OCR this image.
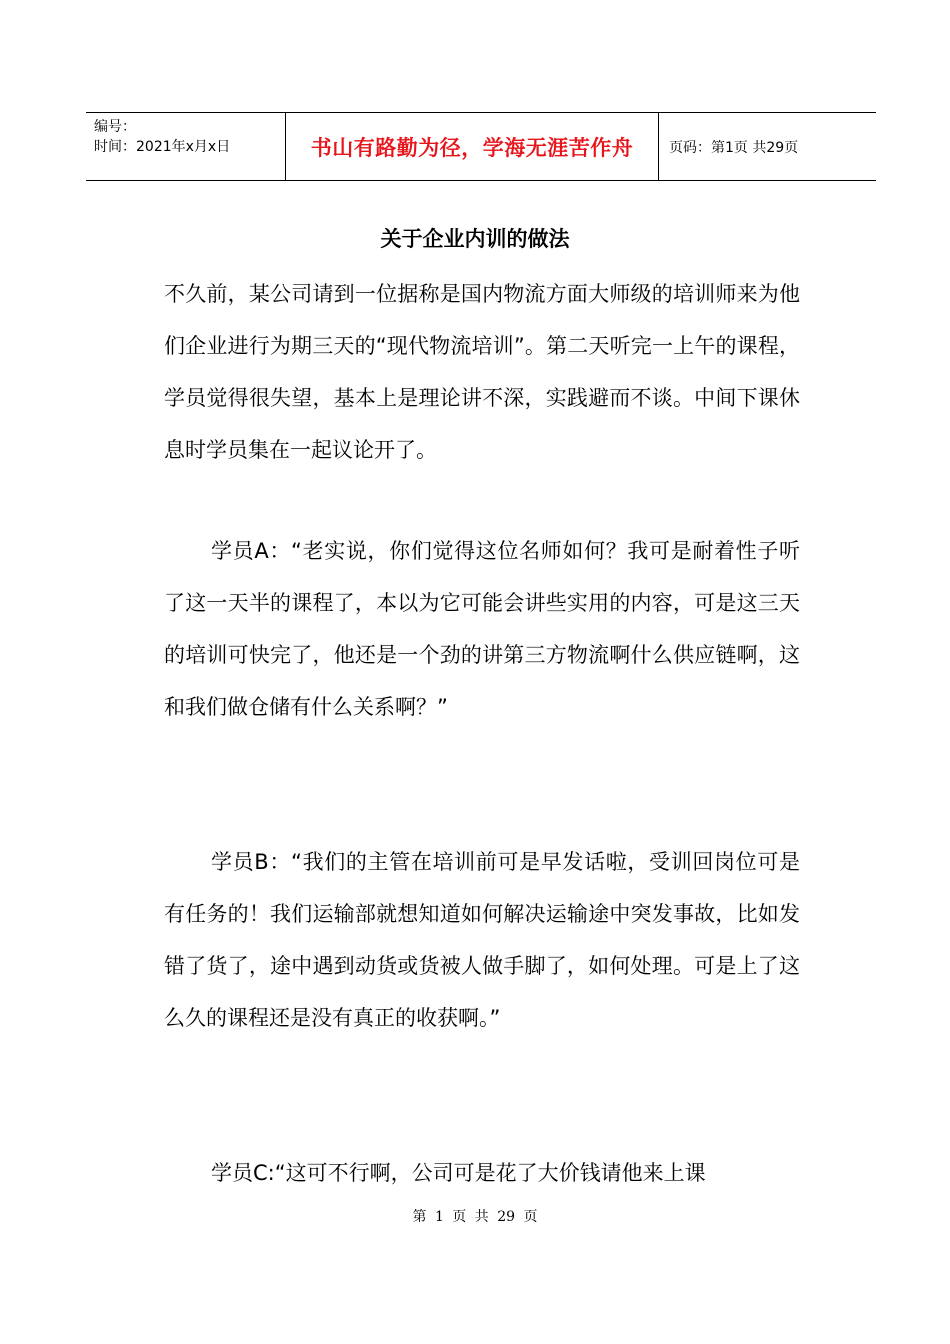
编号：
时间：2021年x月x日	书山有路勤为径，学海无涯苦作舟	页码：第1页 共29页
关于企业内训的做法

不久前，某公司请到一位据称是国内物流方面大师级的培训师来为他们企业进行为期三天的“现代物流培训”。第二天听完一上午的课程，学员觉得很失望，基本上是理论讲不深，实践避而不谈。中间下课休息时学员集在一起议论开了。

学员A：“老实说，你们觉得这位名师如何？我可是耐着性子听了这一天半的课程了，本以为它可能会讲些实用的内容，可是这三天的培训可快完了，他还是一个劲的讲第三方物流啊什么供应链啊，这和我们做仓储有什么关系啊？”

学员B：“我们的主管在培训前可是早发话啦，受训回岗位可是有任务的！我们运输部就想知道如何解决运输途中突发事故，比如发错了货了，途中遇到动货或货被人做手脚了，如何处理。可是上了这么久的课程还是没有真正的收获啊。”

学员C:“这可不行啊，公司可是花了大价钱请他来上课

第 1 页 共 29 页
